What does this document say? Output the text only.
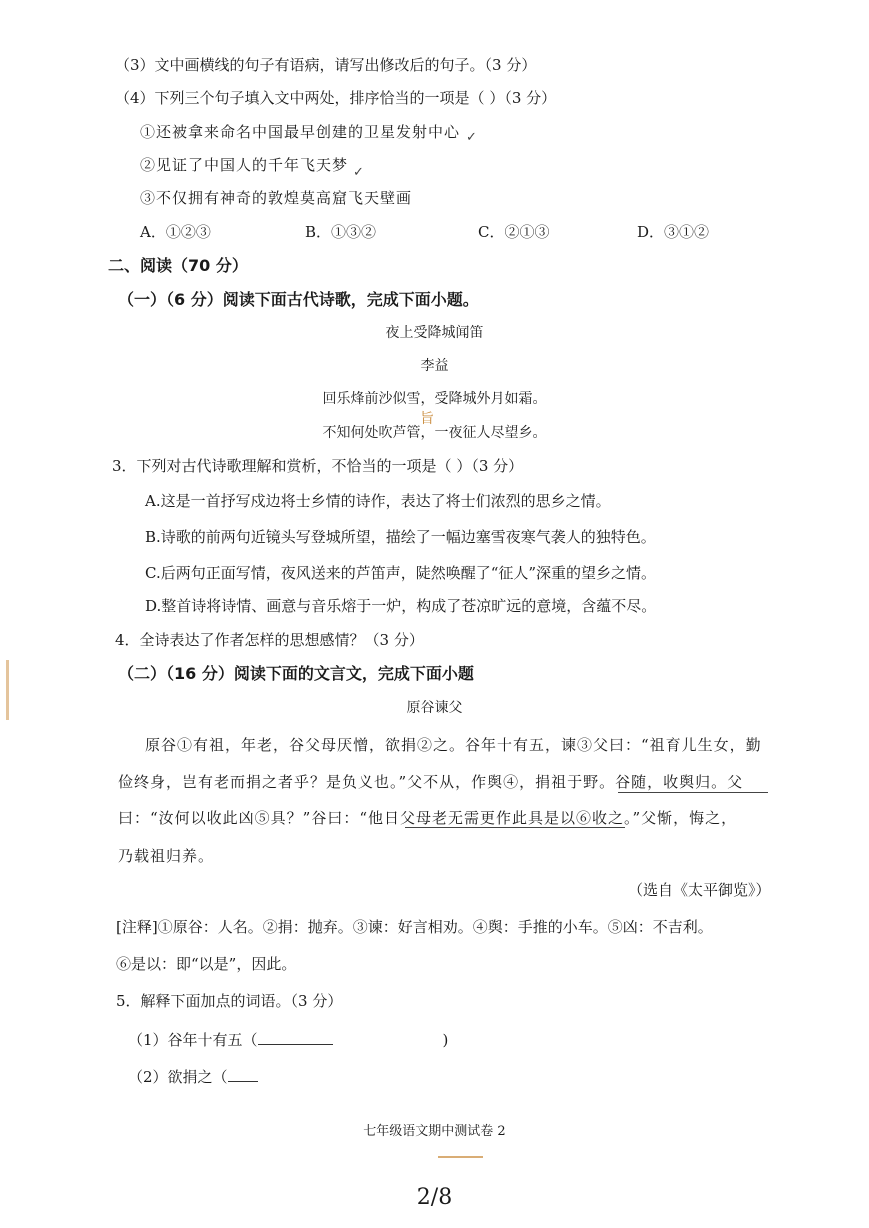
（3）文中画横线的句子有语病，请写出修改后的句子。（3 分）
（4）下列三个句子填入文中两处，排序恰当的一项是（ ）（3 分）
①还被拿来命名中国最早创建的卫星发射中心
②见证了中国人的千年飞天梦
③不仅拥有神奇的敦煌莫高窟飞天壁画
A．①②③	B．①③②	C．②①③	D．③①②
✓
✓
二、阅读（70 分）
（一）（6 分）阅读下面古代诗歌，完成下面小题。
夜上受降城闻笛
李益
回乐烽前沙似雪，受降城外月如霜。
不知何处吹芦管，一夜征人尽望乡。
旨
3．下列对古代诗歌理解和赏析，不恰当的一项是（ ）（3 分）
A.这是一首抒写戍边将士乡情的诗作，表达了将士们浓烈的思乡之情。
B.诗歌的前两句近镜头写登城所望，描绘了一幅边塞雪夜寒气袭人的独特色。
C.后两句正面写情，夜风送来的芦笛声，陡然唤醒了“征人”深重的望乡之情。
D.整首诗将诗情、画意与音乐熔于一炉，构成了苍凉旷远的意境，含蕴不尽。
4．全诗表达了作者怎样的思想感情？（3 分）
（二）（16 分）阅读下面的文言文，完成下面小题
原谷谏父
原谷①有祖，年老，谷父母厌憎，欲捐②之。谷年十有五，谏③父曰：“祖育儿生女，勤
俭终身，岂有老而捐之者乎？是负义也。”父不从，作舆④，捐祖于野。谷随，收舆归。父
曰：“汝何以收此凶⑤具？”谷曰：“他日父母老无需更作此具是以⑥收之。”父惭，悔之，
乃载祖归养。
（选自《太平御览》）
[注释]①原谷：人名。②捐：抛弃。③谏：好言相劝。④舆：手推的小车。⑤凶：不吉利。
⑥是以：即“以是”，因此。
5．解释下面加点的词语。（3 分）
（1）谷年十有五（	)
（2）欲捐之（
七年级语文期中测试卷 2
2/8
